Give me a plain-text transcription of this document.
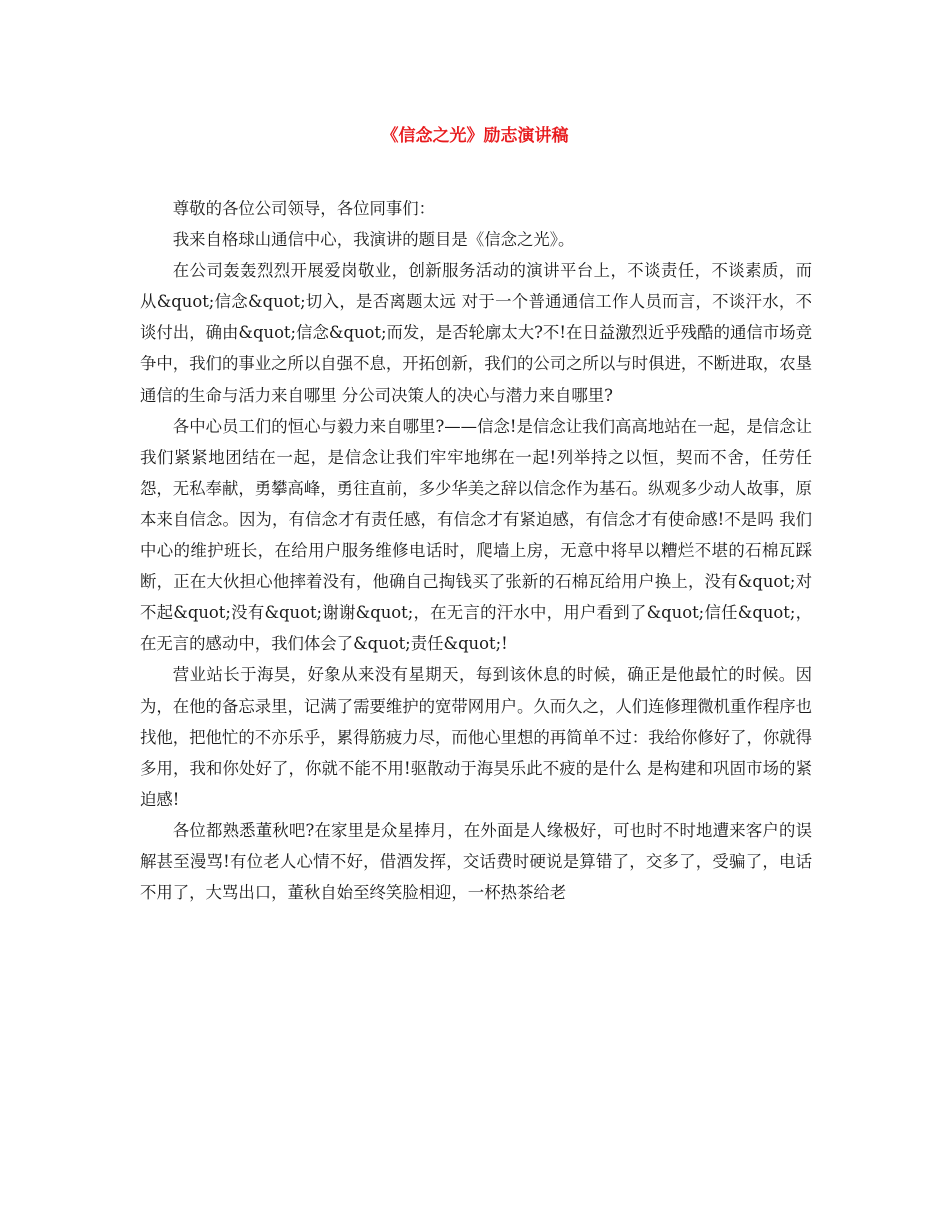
《信念之光》励志演讲稿

尊敬的各位公司领导，各位同事们：

我来自格球山通信中心，我演讲的题目是《信念之光》。

在公司轰轰烈烈开展爱岗敬业，创新服务活动的演讲平台上，不谈责任，不谈素质，而从&quot;信念&quot;切入，是否离题太远 对于一个普通通信工作人员而言，不谈汗水，不谈付出，确由&quot;信念&quot;而发，是否轮廓太大?不!在日益激烈近乎残酷的通信市场竞争中，我们的事业之所以自强不息，开拓创新，我们的公司之所以与时俱进，不断进取，农垦通信的生命与活力来自哪里 分公司决策人的决心与潜力来自哪里?

各中心员工们的恒心与毅力来自哪里?——信念!是信念让我们高高地站在一起，是信念让我们紧紧地团结在一起，是信念让我们牢牢地绑在一起!列举持之以恒，契而不舍，任劳任怨，无私奉献，勇攀高峰，勇往直前，多少华美之辞以信念作为基石。纵观多少动人故事，原本来自信念。因为，有信念才有责任感，有信念才有紧迫感，有信念才有使命感!不是吗 我们中心的维护班长，在给用户服务维修电话时，爬墙上房，无意中将早以糟烂不堪的石棉瓦踩断，正在大伙担心他摔着没有，他确自己掏钱买了张新的石棉瓦给用户换上，没有&quot;对不起&quot;没有&quot;谢谢&quot;，在无言的汗水中，用户看到了&quot;信任&quot;，在无言的感动中，我们体会了&quot;责任&quot;!

营业站长于海昊，好象从来没有星期天，每到该休息的时候，确正是他最忙的时候。因为，在他的备忘录里，记满了需要维护的宽带网用户。久而久之，人们连修理微机重作程序也找他，把他忙的不亦乐乎，累得筋疲力尽，而他心里想的再简单不过：我给你修好了，你就得多用，我和你处好了，你就不能不用!驱散动于海昊乐此不疲的是什么 是构建和巩固市场的紧迫感!

各位都熟悉董秋吧?在家里是众星捧月，在外面是人缘极好，可也时不时地遭来客户的误解甚至漫骂!有位老人心情不好，借酒发挥，交话费时硬说是算错了，交多了，受骗了，电话不用了，大骂出口，董秋自始至终笑脸相迎，一杯热茶给老
